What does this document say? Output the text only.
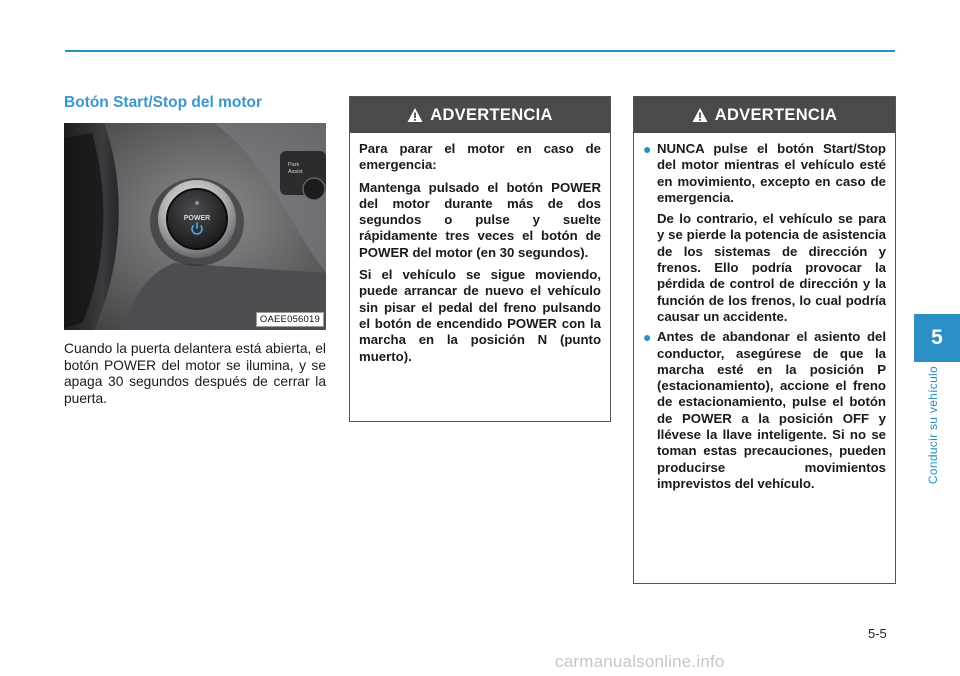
Botón Start/Stop del motor
POWER
Park
Assist
OAEE056019

Cuando la puerta delantera está abierta, el botón POWER del motor se ilumina, y se apaga 30 segundos después de cerrar la puerta.

ADVERTENCIA

Para parar el motor en caso de emergencia:

Mantenga pulsado el botón POWER del motor durante más de dos segundos o pulse y suelte rápidamente tres veces el botón de POWER del motor (en 30 segundos).

Si el vehículo se sigue moviendo, puede arrancar de nuevo el vehículo sin pisar el pedal del freno pulsando el botón de encendido POWER con la marcha en la posición N (punto muerto).

ADVERTENCIA
● NUNCA pulse el botón Start/Stop del motor mientras el vehículo esté en movimiento, excepto en caso de emergencia.

De lo contrario, el vehículo se para y se pierde la potencia de asistencia de los sistemas de dirección y frenos. Ello podría provocar la pérdida de control de dirección y la función de los frenos, lo cual podría causar un accidente.

● Antes de abandonar el asiento del conductor, asegúrese de que la marcha esté en la posición P (estacionamiento), accione el freno de estacionamiento, pulse el botón de POWER a la posición OFF y llévese la llave inteligente. Si no se toman estas precauciones, pueden producirse movimientos imprevistos del vehículo.

5
Conducir su vehículo
5-5
carmanualsonline.info
